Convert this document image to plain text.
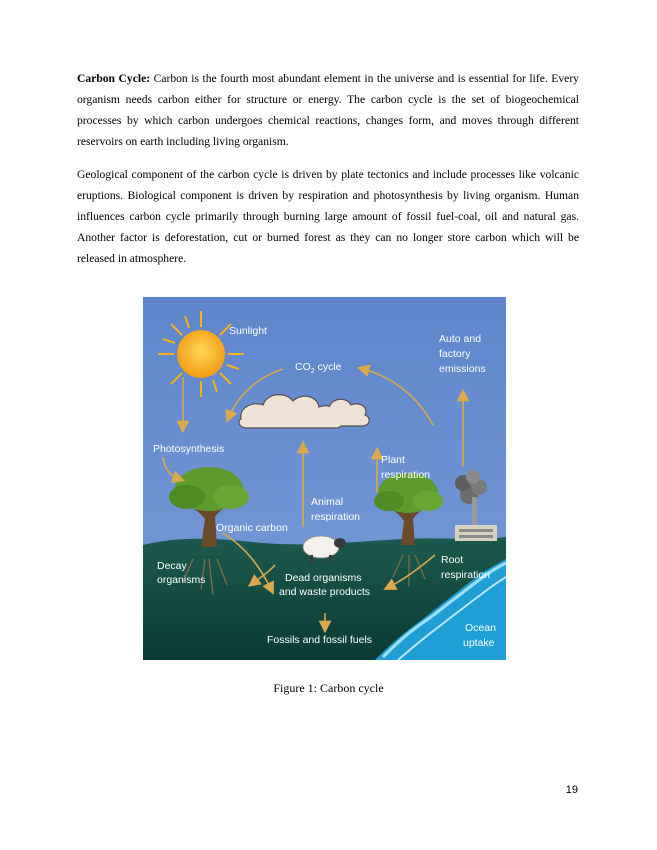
Carbon Cycle: Carbon is the fourth most abundant element in the universe and is essential for life. Every organism needs carbon either for structure or energy. The carbon cycle is the set of biogeochemical processes by which carbon undergoes chemical reactions, changes form, and moves through different reservoirs on earth including living organism.

Geological component of the carbon cycle is driven by plate tectonics and include processes like volcanic eruptions. Biological component is driven by respiration and photosynthesis by living organism. Human influences carbon cycle primarily through burning large amount of fossil fuel-coal, oil and natural gas. Another factor is deforestation, cut or burned forest as they can no longer store carbon which will be released in atmosphere.

Sunlight
$CO_2$ cycle
Auto and
factory
emissions
Photosynthesis
Plant
respiration
Animal
respiration
Organic carbon
Decay
organisms	Dead organisms
and waste products
Root
respiration
Fossils and fossil fuels
Ocean
uptake
Figure 1: Carbon cycle
19
